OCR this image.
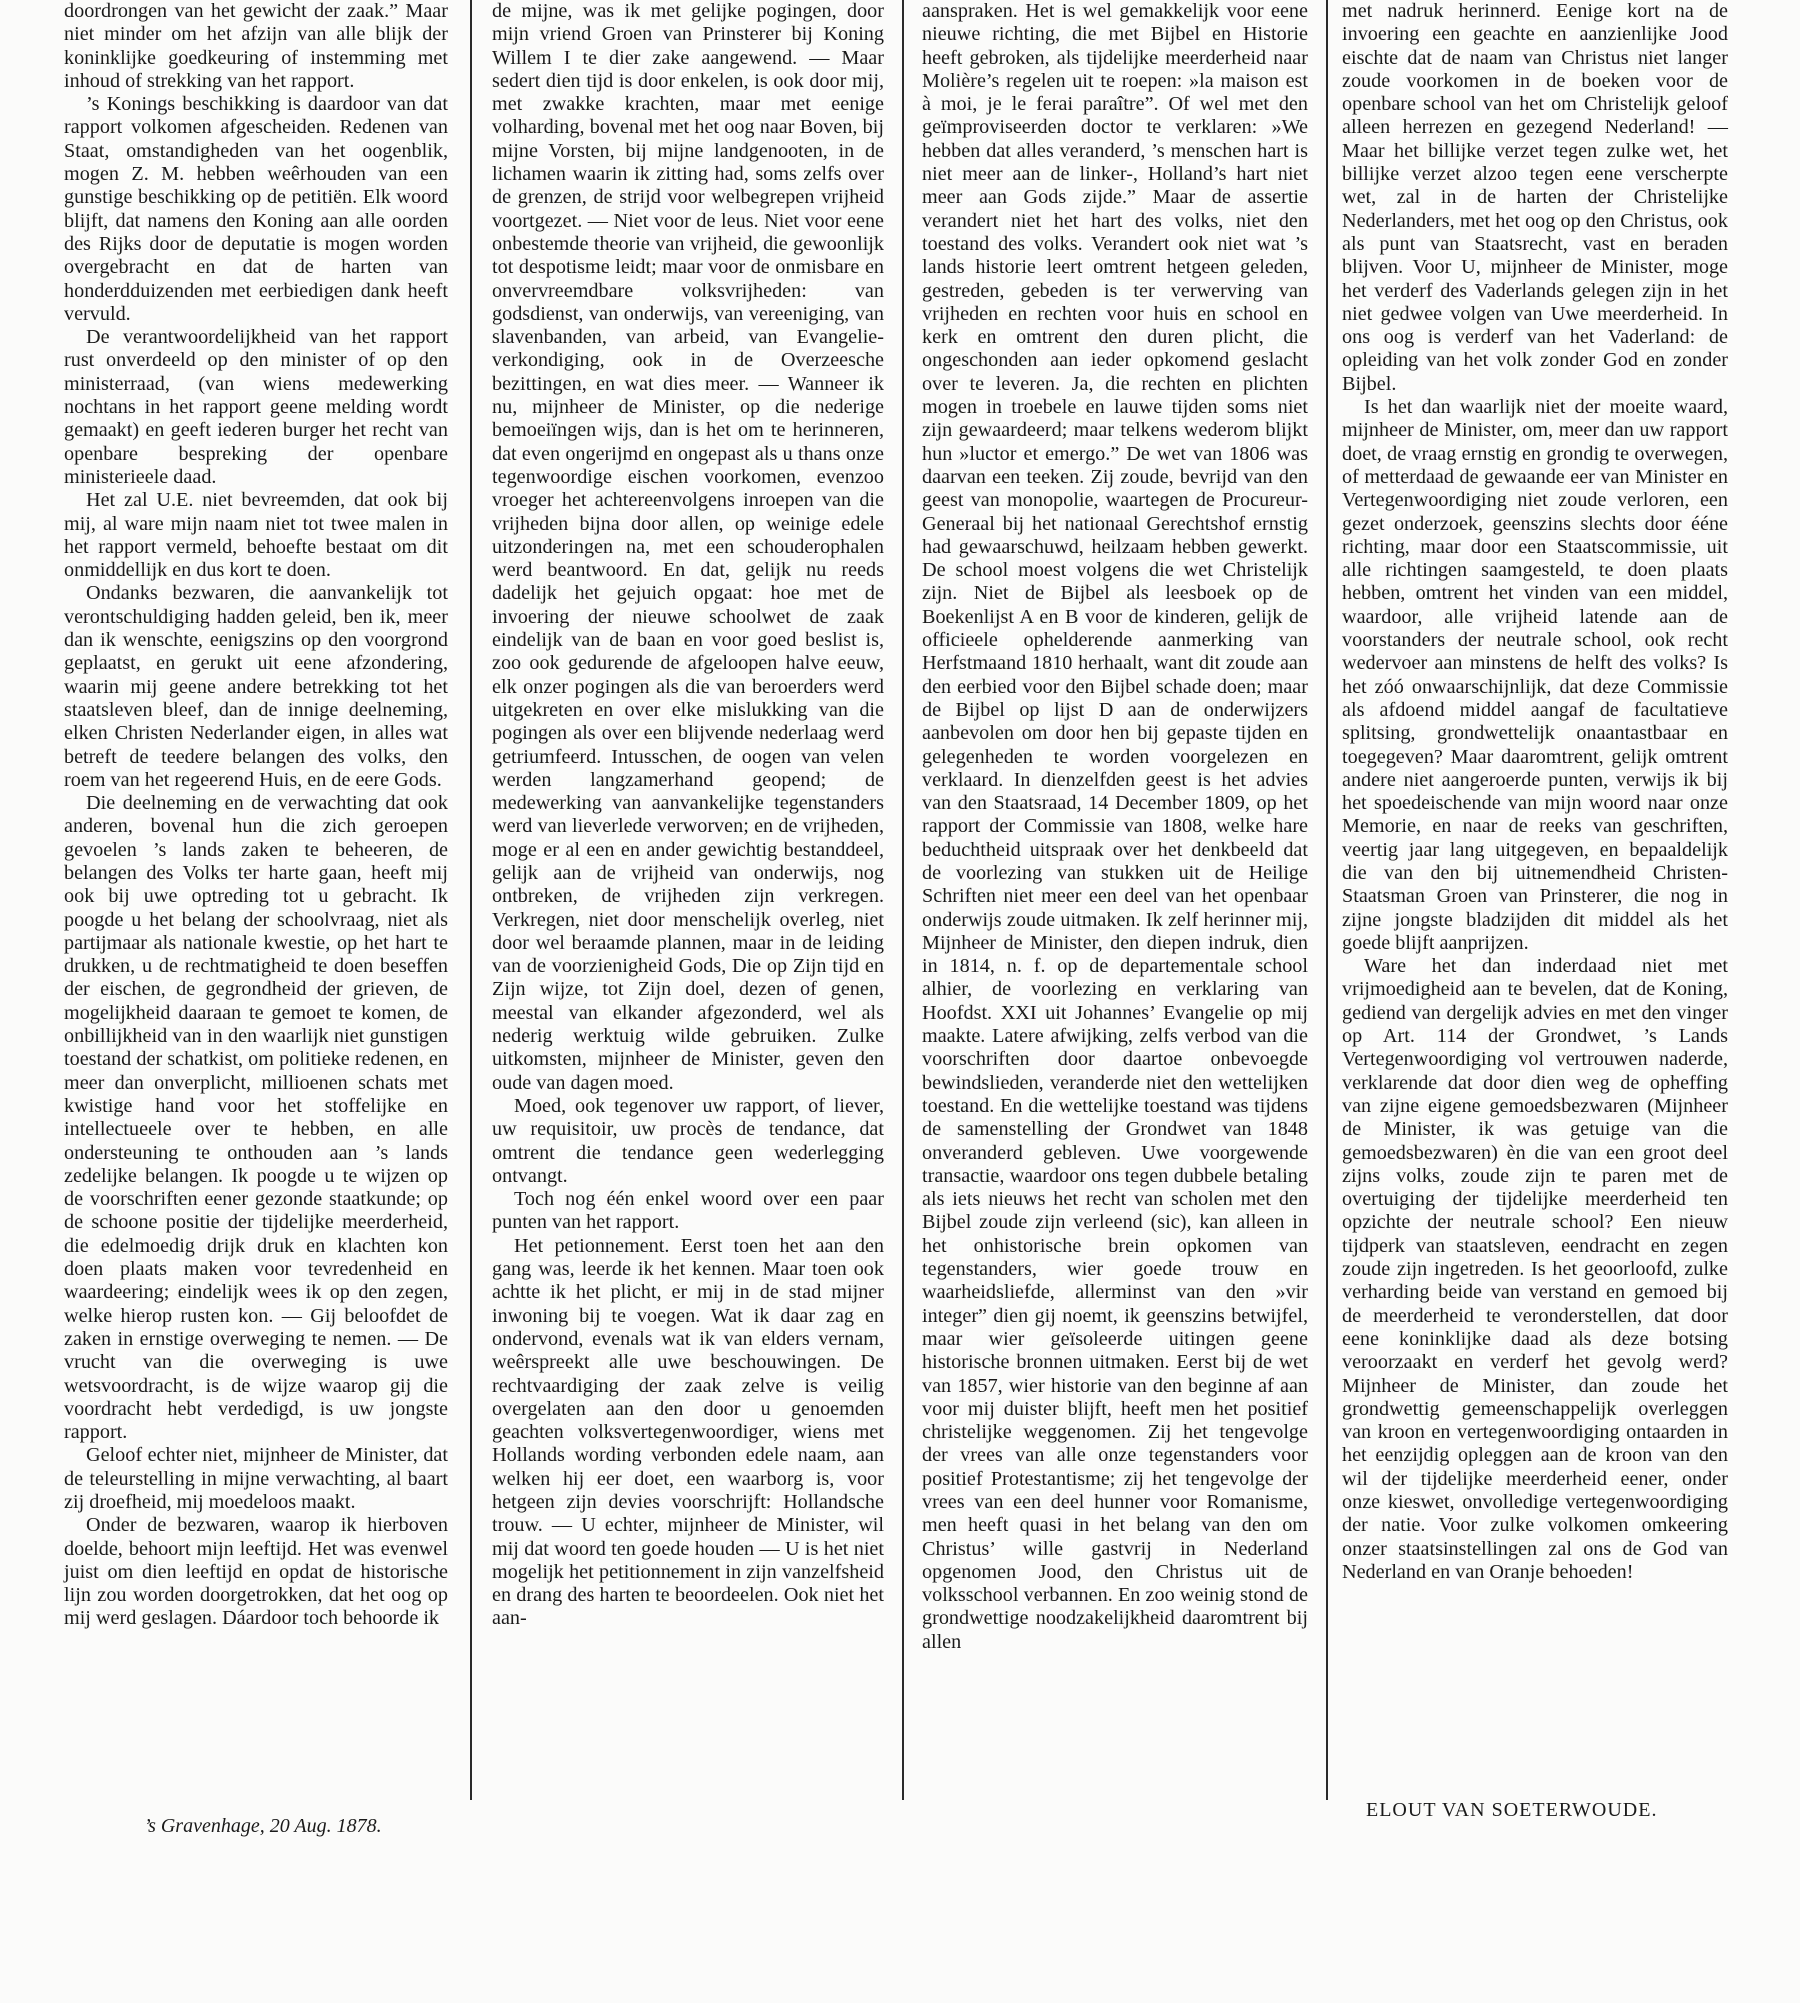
doordrongen van het gewicht der zaak.” Maar niet minder om het afzijn van alle blijk der koninklijke goedkeuring of instemming met inhoud of strekking van het rapport.

’s Konings beschikking is daardoor van dat rapport volkomen afgescheiden. Redenen van Staat, omstandigheden van het oogenblik, mogen Z. M. hebben weêrhouden van een gunstige beschikking op de petitiën. Elk woord blijft, dat namens den Koning aan alle oorden des Rijks door de deputatie is mogen worden overgebracht en dat de harten van honderdduizenden met eerbiedigen dank heeft vervuld.

De verantwoordelijkheid van het rapport rust onverdeeld op den minister of op den ministerraad, (van wiens medewerking nochtans in het rapport geene melding wordt gemaakt) en geeft iederen burger het recht van openbare bespreking der openbare ministerieele daad.

Het zal U.E. niet bevreemden, dat ook bij mij, al ware mijn naam niet tot twee malen in het rapport vermeld, behoefte bestaat om dit onmiddellijk en dus kort te doen.

Ondanks bezwaren, die aanvankelijk tot verontschuldiging hadden geleid, ben ik, meer dan ik wenschte, eenigszins op den voorgrond geplaatst, en gerukt uit eene afzondering, waarin mij geene andere betrekking tot het staatsleven bleef, dan de innige deelneming, elken Christen Nederlander eigen, in alles wat betreft de teedere belangen des volks, den roem van het regeerend Huis, en de eere Gods.

Die deelneming en de verwachting dat ook anderen, bovenal hun die zich geroepen gevoelen ’s lands zaken te beheeren, de belangen des Volks ter harte gaan, heeft mij ook bij uwe optreding tot u gebracht. Ik poogde u het belang der schoolvraag, niet als partijmaar als nationale kwestie, op het hart te drukken, u de rechtmatigheid te doen beseffen der eischen, de gegrondheid der grieven, de mogelijkheid daaraan te gemoet te komen, de onbillijkheid van in den waarlijk niet gunstigen toestand der schatkist, om politieke redenen, en meer dan onverplicht, millioenen schats met kwistige hand voor het stoffelijke en intellectueele over te hebben, en alle ondersteuning te onthouden aan ’s lands zedelijke belangen. Ik poogde u te wijzen op de voorschriften eener gezonde staatkunde; op de schoone positie der tijdelijke meerderheid, die edelmoedig drijk druk en klachten kon doen plaats maken voor tevredenheid en waardeering; eindelijk wees ik op den zegen, welke hierop rusten kon. — Gij beloofdet de zaken in ernstige overweging te nemen. — De vrucht van die overweging is uwe wetsvoordracht, is de wijze waarop gij die voordracht hebt verdedigd, is uw jongste rapport.

Geloof echter niet, mijnheer de Minister, dat de teleurstelling in mijne verwachting, al baart zij droefheid, mij moedeloos maakt.

Onder de bezwaren, waarop ik hierboven doelde, behoort mijn leeftijd. Het was evenwel juist om dien leeftijd en opdat de historische lijn zou worden doorgetrokken, dat het oog op mij werd geslagen. Dáardoor toch behoorde ik

de mijne, was ik met gelijke pogingen, door mijn vriend Groen van Prinsterer bij Koning Willem I te dier zake aangewend. — Maar sedert dien tijd is door enkelen, is ook door mij, met zwakke krachten, maar met eenige volharding, bovenal met het oog naar Boven, bij mijne Vorsten, bij mijne landgenooten, in de lichamen waarin ik zitting had, soms zelfs over de grenzen, de strijd voor welbegrepen vrijheid voortgezet. — Niet voor de leus. Niet voor eene onbestemde theorie van vrijheid, die gewoonlijk tot despotisme leidt; maar voor de onmisbare en onvervreemdbare volksvrijheden: van godsdienst, van onderwijs, van vereeniging, van slavenbanden, van arbeid, van Evangelie-verkondiging, ook in de Overzeesche bezittingen, en wat dies meer. — Wanneer ik nu, mijnheer de Minister, op die nederige bemoeiïngen wijs, dan is het om te herinneren, dat even ongerijmd en ongepast als u thans onze tegenwoordige eischen voorkomen, evenzoo vroeger het achtereenvolgens inroepen van die vrijheden bijna door allen, op weinige edele uitzonderingen na, met een schouderophalen werd beantwoord. En dat, gelijk nu reeds dadelijk het gejuich opgaat: hoe met de invoering der nieuwe schoolwet de zaak eindelijk van de baan en voor goed beslist is, zoo ook gedurende de afgeloopen halve eeuw, elk onzer pogingen als die van beroerders werd uitgekreten en over elke mislukking van die pogingen als over een blijvende nederlaag werd getriumfeerd. Intusschen, de oogen van velen werden langzamerhand geopend; de medewerking van aanvankelijke tegenstanders werd van lieverlede verworven; en de vrijheden, moge er al een en ander gewichtig bestanddeel, gelijk aan de vrijheid van onderwijs, nog ontbreken, de vrijheden zijn verkregen. Verkregen, niet door menschelijk overleg, niet door wel beraamde plannen, maar in de leiding van de voorzienigheid Gods, Die op Zijn tijd en Zijn wijze, tot Zijn doel, dezen of genen, meestal van elkander afgezonderd, wel als nederig werktuig wilde gebruiken. Zulke uitkomsten, mijnheer de Minister, geven den oude van dagen moed.

Moed, ook tegenover uw rapport, of liever, uw requisitoir, uw procès de tendance, dat omtrent die tendance geen wederlegging ontvangt.

Toch nog één enkel woord over een paar punten van het rapport.

Het petionnement. Eerst toen het aan den gang was, leerde ik het kennen. Maar toen ook achtte ik het plicht, er mij in de stad mijner inwoning bij te voegen. Wat ik daar zag en ondervond, evenals wat ik van elders vernam, weêrspreekt alle uwe beschouwingen. De rechtvaardiging der zaak zelve is veilig overgelaten aan den door u genoemden geachten volksvertegenwoordiger, wiens met Hollands wording verbonden edele naam, aan welken hij eer doet, een waarborg is, voor hetgeen zijn devies voorschrijft: Hollandsche trouw. — U echter, mijnheer de Minister, wil mij dat woord ten goede houden — U is het niet mogelijk het petitionnement in zijn vanzelfsheid en drang des harten te beoordeelen. Ook niet het aan-

aanspraken. Het is wel gemakkelijk voor eene nieuwe richting, die met Bijbel en Historie heeft gebroken, als tijdelijke meerderheid naar Molière’s regelen uit te roepen: »la maison est à moi, je le ferai paraître”. Of wel met den geïmproviseerden doctor te verklaren: »We hebben dat alles veranderd, ’s menschen hart is niet meer aan de linker-, Holland’s hart niet meer aan Gods zijde.” Maar de assertie verandert niet het hart des volks, niet den toestand des volks. Verandert ook niet wat ’s lands historie leert omtrent hetgeen geleden, gestreden, gebeden is ter verwerving van vrijheden en rechten voor huis en school en kerk en omtrent den duren plicht, die ongeschonden aan ieder opkomend geslacht over te leveren. Ja, die rechten en plichten mogen in troebele en lauwe tijden soms niet zijn gewaardeerd; maar telkens wederom blijkt hun »luctor et emergo.” De wet van 1806 was daarvan een teeken. Zij zoude, bevrijd van den geest van monopolie, waartegen de Procureur-Generaal bij het nationaal Gerechtshof ernstig had gewaarschuwd, heilzaam hebben gewerkt. De school moest volgens die wet Christelijk zijn. Niet de Bijbel als leesboek op de Boekenlijst A en B voor de kinderen, gelijk de officieele ophelderende aanmerking van Herfstmaand 1810 herhaalt, want dit zoude aan den eerbied voor den Bijbel schade doen; maar de Bijbel op lijst D aan de onderwijzers aanbevolen om door hen bij gepaste tijden en gelegenheden te worden voorgelezen en verklaard. In dienzelfden geest is het advies van den Staatsraad, 14 December 1809, op het rapport der Commissie van 1808, welke hare beduchtheid uitspraak over het denkbeeld dat de voorlezing van stukken uit de Heilige Schriften niet meer een deel van het openbaar onderwijs zoude uitmaken. Ik zelf herinner mij, Mijnheer de Minister, den diepen indruk, dien in 1814, n. f. op de departementale school alhier, de voorlezing en verklaring van Hoofdst. XXI uit Johannes’ Evangelie op mij maakte. Latere afwijking, zelfs verbod van die voorschriften door daartoe onbevoegde bewindslieden, veranderde niet den wettelijken toestand. En die wettelijke toestand was tijdens de samenstelling der Grondwet van 1848 onveranderd gebleven. Uwe voorgewende transactie, waardoor ons tegen dubbele betaling als iets nieuws het recht van scholen met den Bijbel zoude zijn verleend (sic), kan alleen in het onhistorische brein opkomen van tegenstanders, wier goede trouw en waarheidsliefde, allerminst van den »vir integer” dien gij noemt, ik geenszins betwijfel, maar wier geïsoleerde uitingen geene historische bronnen uitmaken. Eerst bij de wet van 1857, wier historie van den beginne af aan voor mij duister blijft, heeft men het positief christelijke weggenomen. Zij het tengevolge der vrees van alle onze tegenstanders voor positief Protestantisme; zij het tengevolge der vrees van een deel hunner voor Romanisme, men heeft quasi in het belang van den om Christus’ wille gastvrij in Nederland opgenomen Jood, den Christus uit de volksschool verbannen. En zoo weinig stond de grondwettige noodzakelijkheid daaromtrent bij allen

met nadruk herinnerd. Eenige kort na de invoering een geachte en aanzienlijke Jood eischte dat de naam van Christus niet langer zoude voorkomen in de boeken voor de openbare school van het om Christelijk geloof alleen herrezen en gezegend Nederland! — Maar het billijke verzet tegen zulke wet, het billijke verzet alzoo tegen eene verscherpte wet, zal in de harten der Christelijke Nederlanders, met het oog op den Christus, ook als punt van Staatsrecht, vast en beraden blijven. Voor U, mijnheer de Minister, moge het verderf des Vaderlands gelegen zijn in het niet gedwee volgen van Uwe meerderheid. In ons oog is verderf van het Vaderland: de opleiding van het volk zonder God en zonder Bijbel.

Is het dan waarlijk niet der moeite waard, mijnheer de Minister, om, meer dan uw rapport doet, de vraag ernstig en grondig te overwegen, of metterdaad de gewaande eer van Minister en Vertegenwoordiging niet zoude verloren, een gezet onderzoek, geenszins slechts door ééne richting, maar door een Staatscommissie, uit alle richtingen saamgesteld, te doen plaats hebben, omtrent het vinden van een middel, waardoor, alle vrijheid latende aan de voorstanders der neutrale school, ook recht wedervoer aan minstens de helft des volks? Is het zóó onwaarschijnlijk, dat deze Commissie als afdoend middel aangaf de facultatieve splitsing, grondwettelijk onaantastbaar en toegegeven? Maar daaromtrent, gelijk omtrent andere niet aangeroerde punten, verwijs ik bij het spoedeischende van mijn woord naar onze Memorie, en naar de reeks van geschriften, veertig jaar lang uitgegeven, en bepaaldelijk die van den bij uitnemendheid Christen-Staatsman Groen van Prinsterer, die nog in zijne jongste bladzijden dit middel als het goede blijft aanprijzen.

Ware het dan inderdaad niet met vrijmoedigheid aan te bevelen, dat de Koning, gediend van dergelijk advies en met den vinger op Art. 114 der Grondwet, ’s Lands Vertegenwoordiging vol vertrouwen naderde, verklarende dat door dien weg de opheffing van zijne eigene gemoedsbezwaren (Mijnheer de Minister, ik was getuige van die gemoedsbezwaren) èn die van een groot deel zijns volks, zoude zijn te paren met de overtuiging der tijdelijke meerderheid ten opzichte der neutrale school? Een nieuw tijdperk van staatsleven, eendracht en zegen zoude zijn ingetreden. Is het geoorloofd, zulke verharding beide van verstand en gemoed bij de meerderheid te veronderstellen, dat door eene koninklijke daad als deze botsing veroorzaakt en verderf het gevolg werd? Mijnheer de Minister, dan zoude het grondwettig gemeenschappelijk overleggen van kroon en vertegenwoordiging ontaarden in het eenzijdig opleggen aan de kroon van den wil der tijdelijke meerderheid eener, onder onze kieswet, onvolledige vertegenwoordiging der natie. Voor zulke volkomen omkeering onzer staatsinstellingen zal ons de God van Nederland en van Oranje behoeden!

’s Gravenhage, 20 Aug. 1878.
ELOUT VAN SOETERWOUDE.
